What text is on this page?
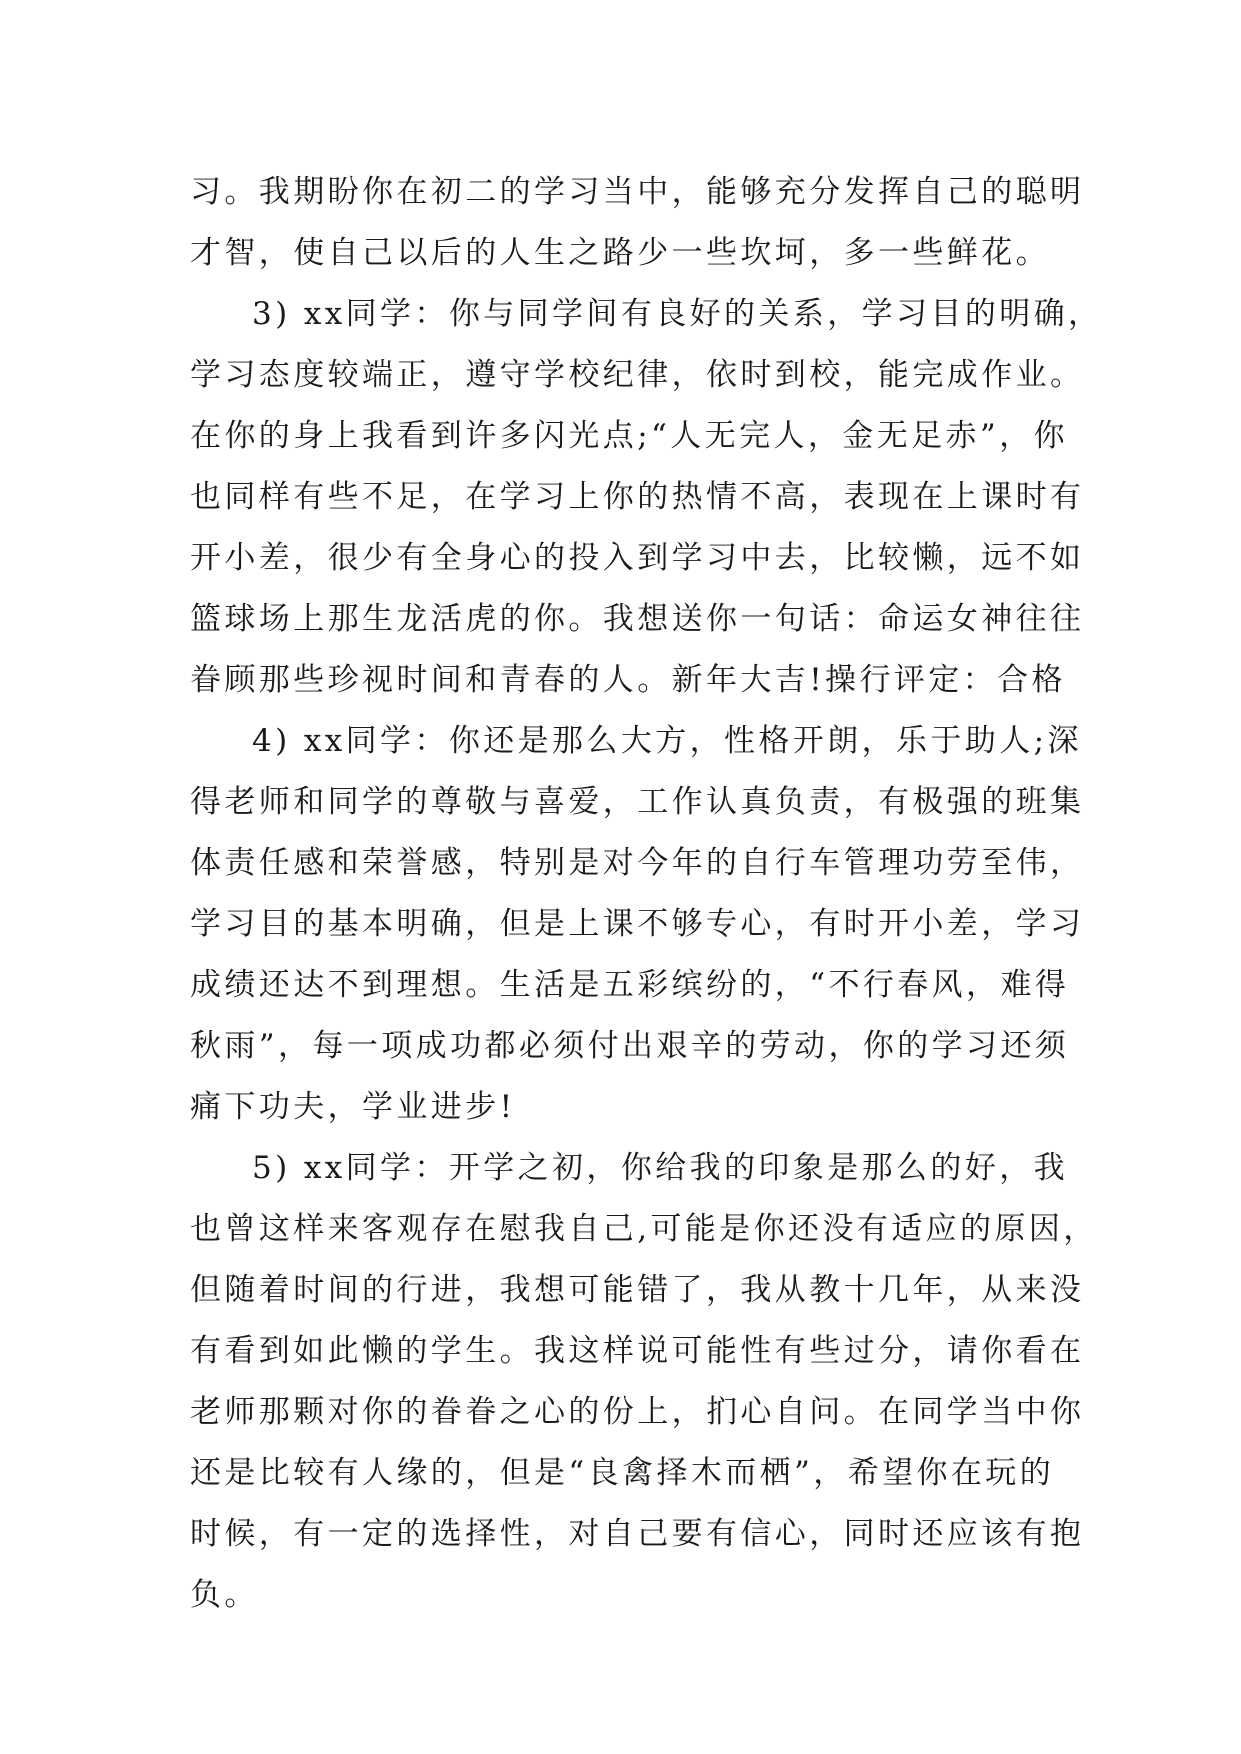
习。我期盼你在初二的学习当中，能够充分发挥自己的聪明
才智，使自己以后的人生之路少一些坎坷，多一些鲜花。
3) xx同学：你与同学间有良好的关系，学习目的明确，
学习态度较端正，遵守学校纪律，依时到校，能完成作业。
在你的身上我看到许多闪光点;“人无完人，金无足赤”，你
也同样有些不足，在学习上你的热情不高，表现在上课时有
开小差，很少有全身心的投入到学习中去，比较懒，远不如
篮球场上那生龙活虎的你。我想送你一句话：命运女神往往
眷顾那些珍视时间和青春的人。新年大吉!操行评定：合格
4) xx同学：你还是那么大方，性格开朗，乐于助人;深
得老师和同学的尊敬与喜爱，工作认真负责，有极强的班集
体责任感和荣誉感，特别是对今年的自行车管理功劳至伟，
学习目的基本明确，但是上课不够专心，有时开小差，学习
成绩还达不到理想。生活是五彩缤纷的，“不行春风，难得
秋雨”，每一项成功都必须付出艰辛的劳动，你的学习还须
痛下功夫，学业进步!
5) xx同学：开学之初，你给我的印象是那么的好，我
也曾这样来客观存在慰我自己,可能是你还没有适应的原因，
但随着时间的行进，我想可能错了，我从教十几年，从来没
有看到如此懒的学生。我这样说可能性有些过分，请你看在
老师那颗对你的眷眷之心的份上，扪心自问。在同学当中你
还是比较有人缘的，但是“良禽择木而栖”，希望你在玩的
时候，有一定的选择性，对自己要有信心，同时还应该有抱
负。
